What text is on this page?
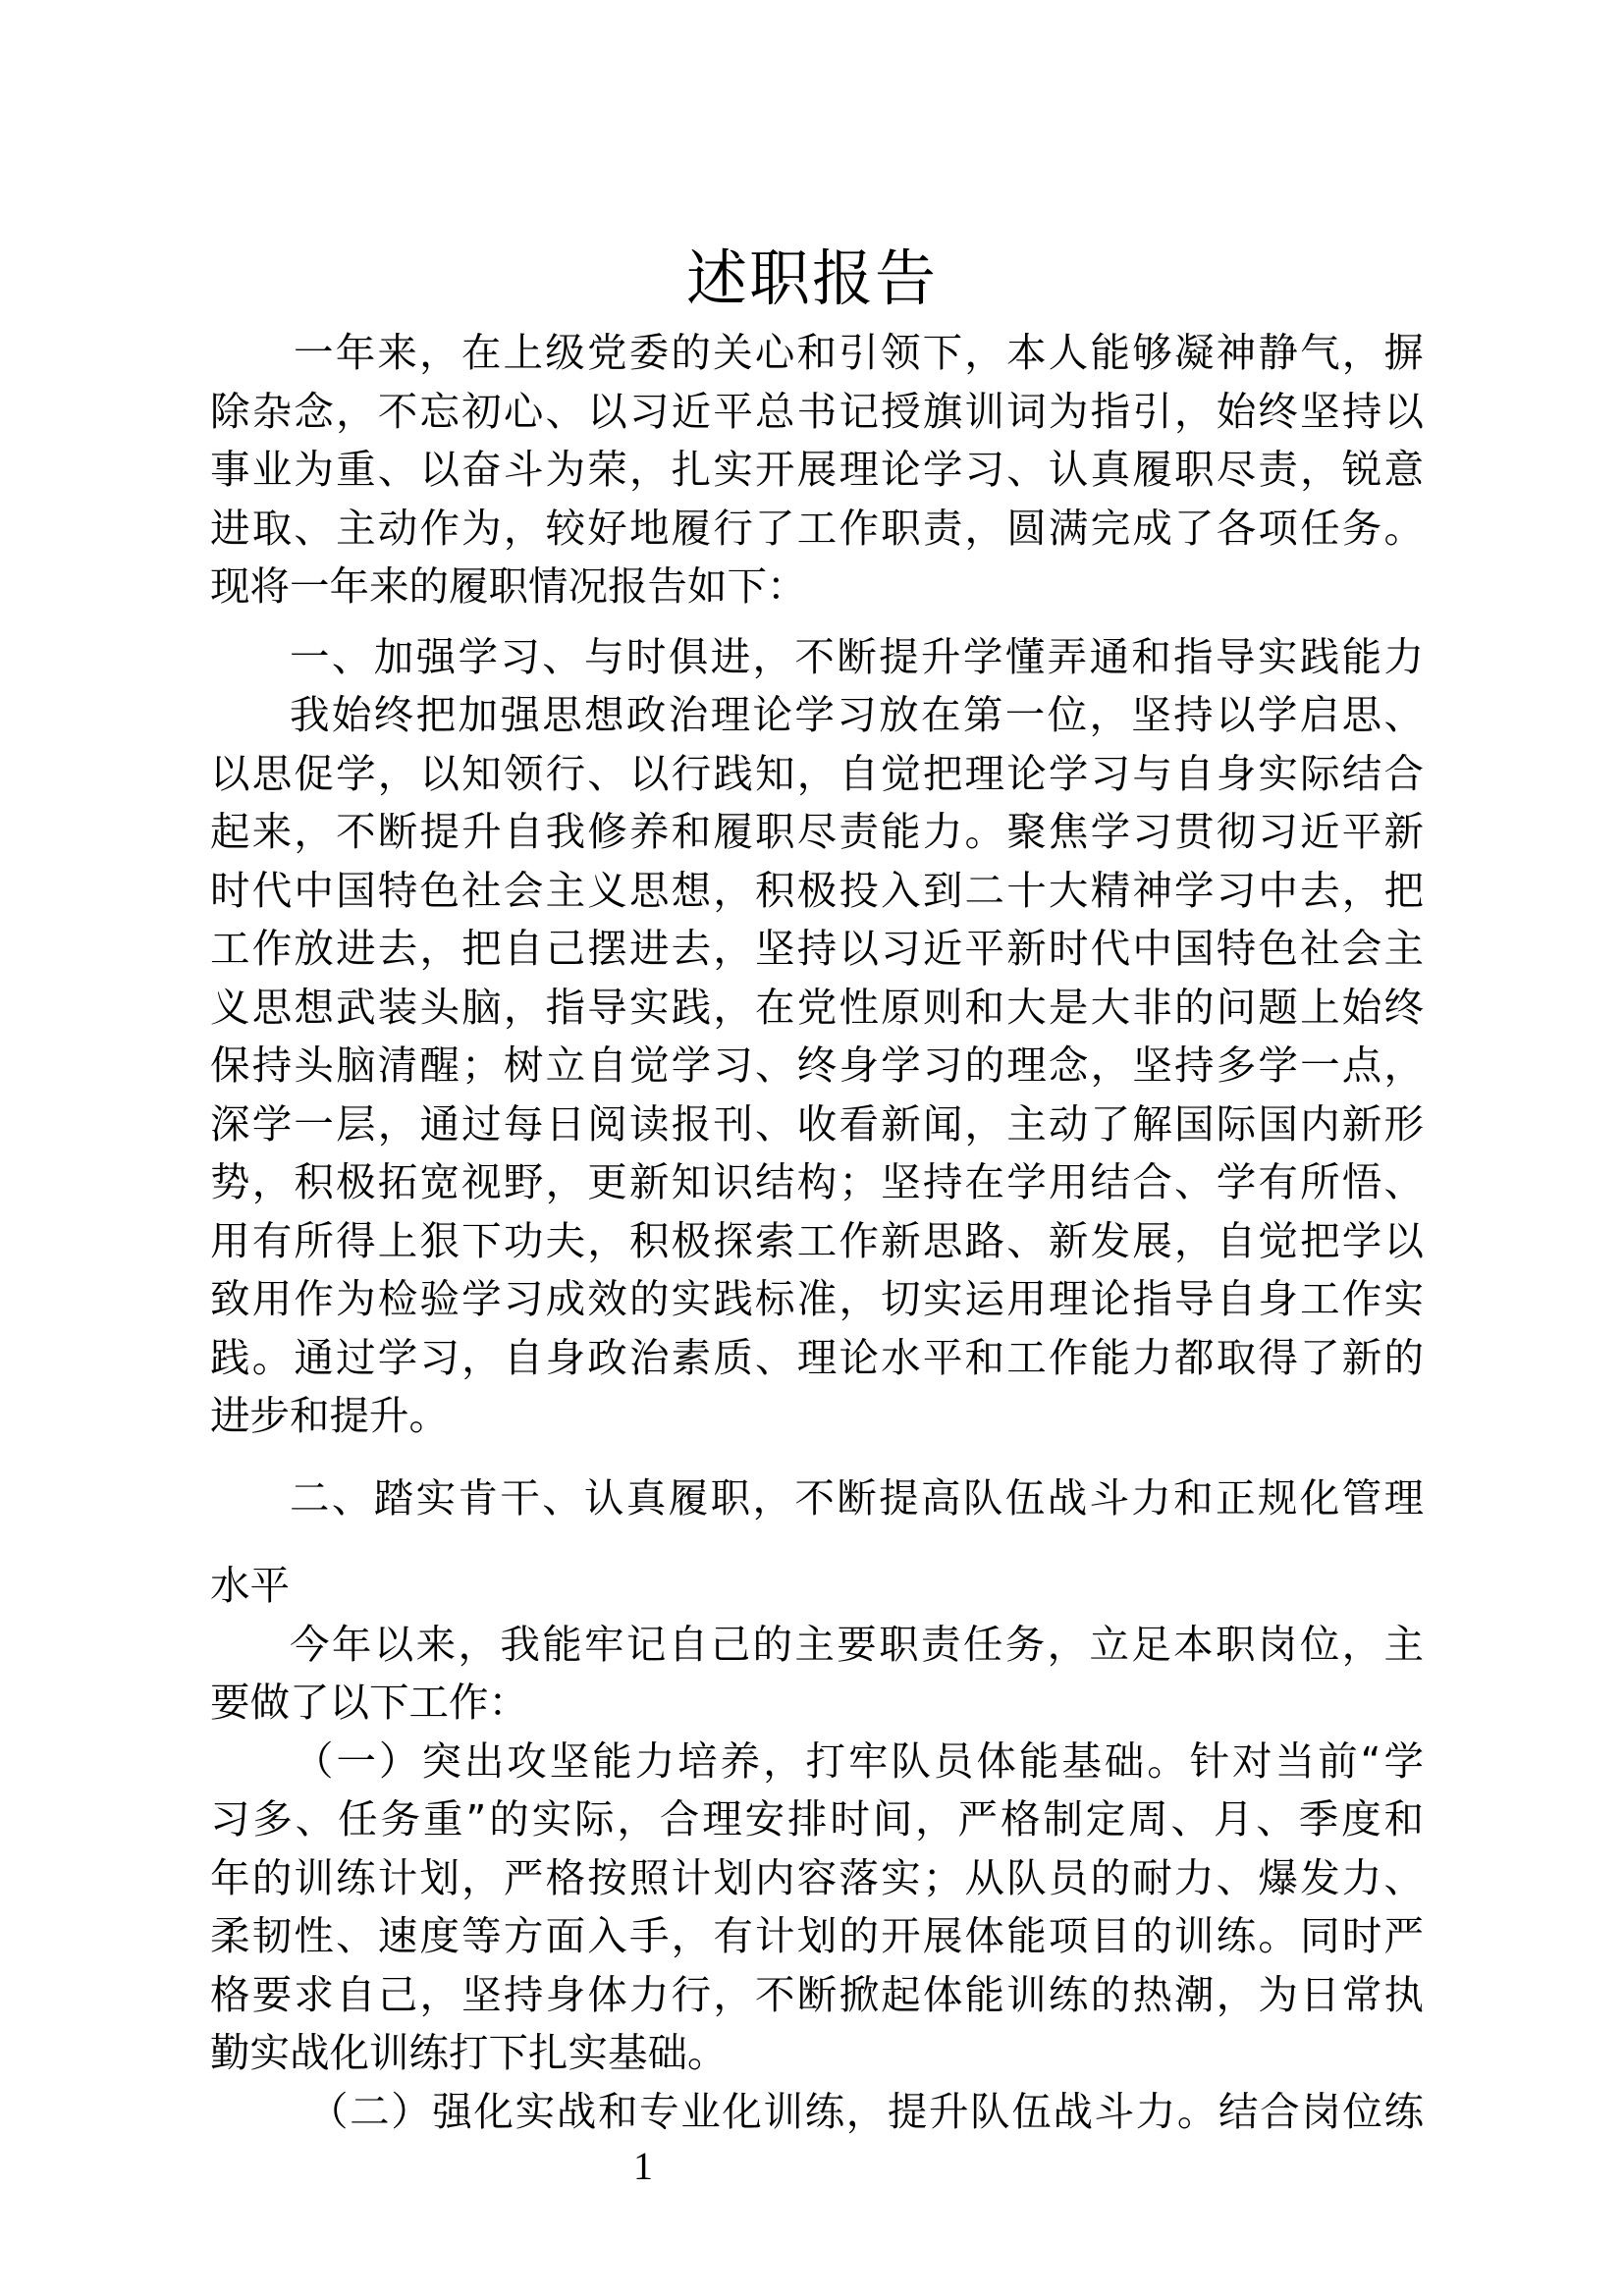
述职报告
一年来，在上级党委的关心和引领下，本人能够凝神静气，摒
除杂念，不忘初心、以习近平总书记授旗训词为指引，始终坚持以
事业为重、以奋斗为荣，扎实开展理论学习、认真履职尽责，锐意
进取、主动作为，较好地履行了工作职责，圆满完成了各项任务。
现将一年来的履职情况报告如下：
一、加强学习、与时俱进，不断提升学懂弄通和指导实践能力
我始终把加强思想政治理论学习放在第一位，坚持以学启思、
以思促学，以知领行、以行践知，自觉把理论学习与自身实际结合
起来，不断提升自我修养和履职尽责能力。聚焦学习贯彻习近平新
时代中国特色社会主义思想，积极投入到二十大精神学习中去，把
工作放进去，把自己摆进去，坚持以习近平新时代中国特色社会主
义思想武装头脑，指导实践，在党性原则和大是大非的问题上始终
保持头脑清醒；树立自觉学习、终身学习的理念，坚持多学一点，
深学一层，通过每日阅读报刊、收看新闻，主动了解国际国内新形
势，积极拓宽视野，更新知识结构；坚持在学用结合、学有所悟、
用有所得上狠下功夫，积极探索工作新思路、新发展，自觉把学以
致用作为检验学习成效的实践标准，切实运用理论指导自身工作实
践。通过学习，自身政治素质、理论水平和工作能力都取得了新的
进步和提升。
二、踏实肯干、认真履职，不断提高队伍战斗力和正规化管理
水平
今年以来，我能牢记自己的主要职责任务，立足本职岗位，主
要做了以下工作：
（一）突出攻坚能力培养，打牢队员体能基础。针对当前“学
习多、任务重”的实际，合理安排时间，严格制定周、月、季度和
年的训练计划，严格按照计划内容落实；从队员的耐力、爆发力、
柔韧性、速度等方面入手，有计划的开展体能项目的训练。同时严
格要求自己，坚持身体力行，不断掀起体能训练的热潮，为日常执
勤实战化训练打下扎实基础。
（二）强化实战和专业化训练，提升队伍战斗力。结合岗位练
1
